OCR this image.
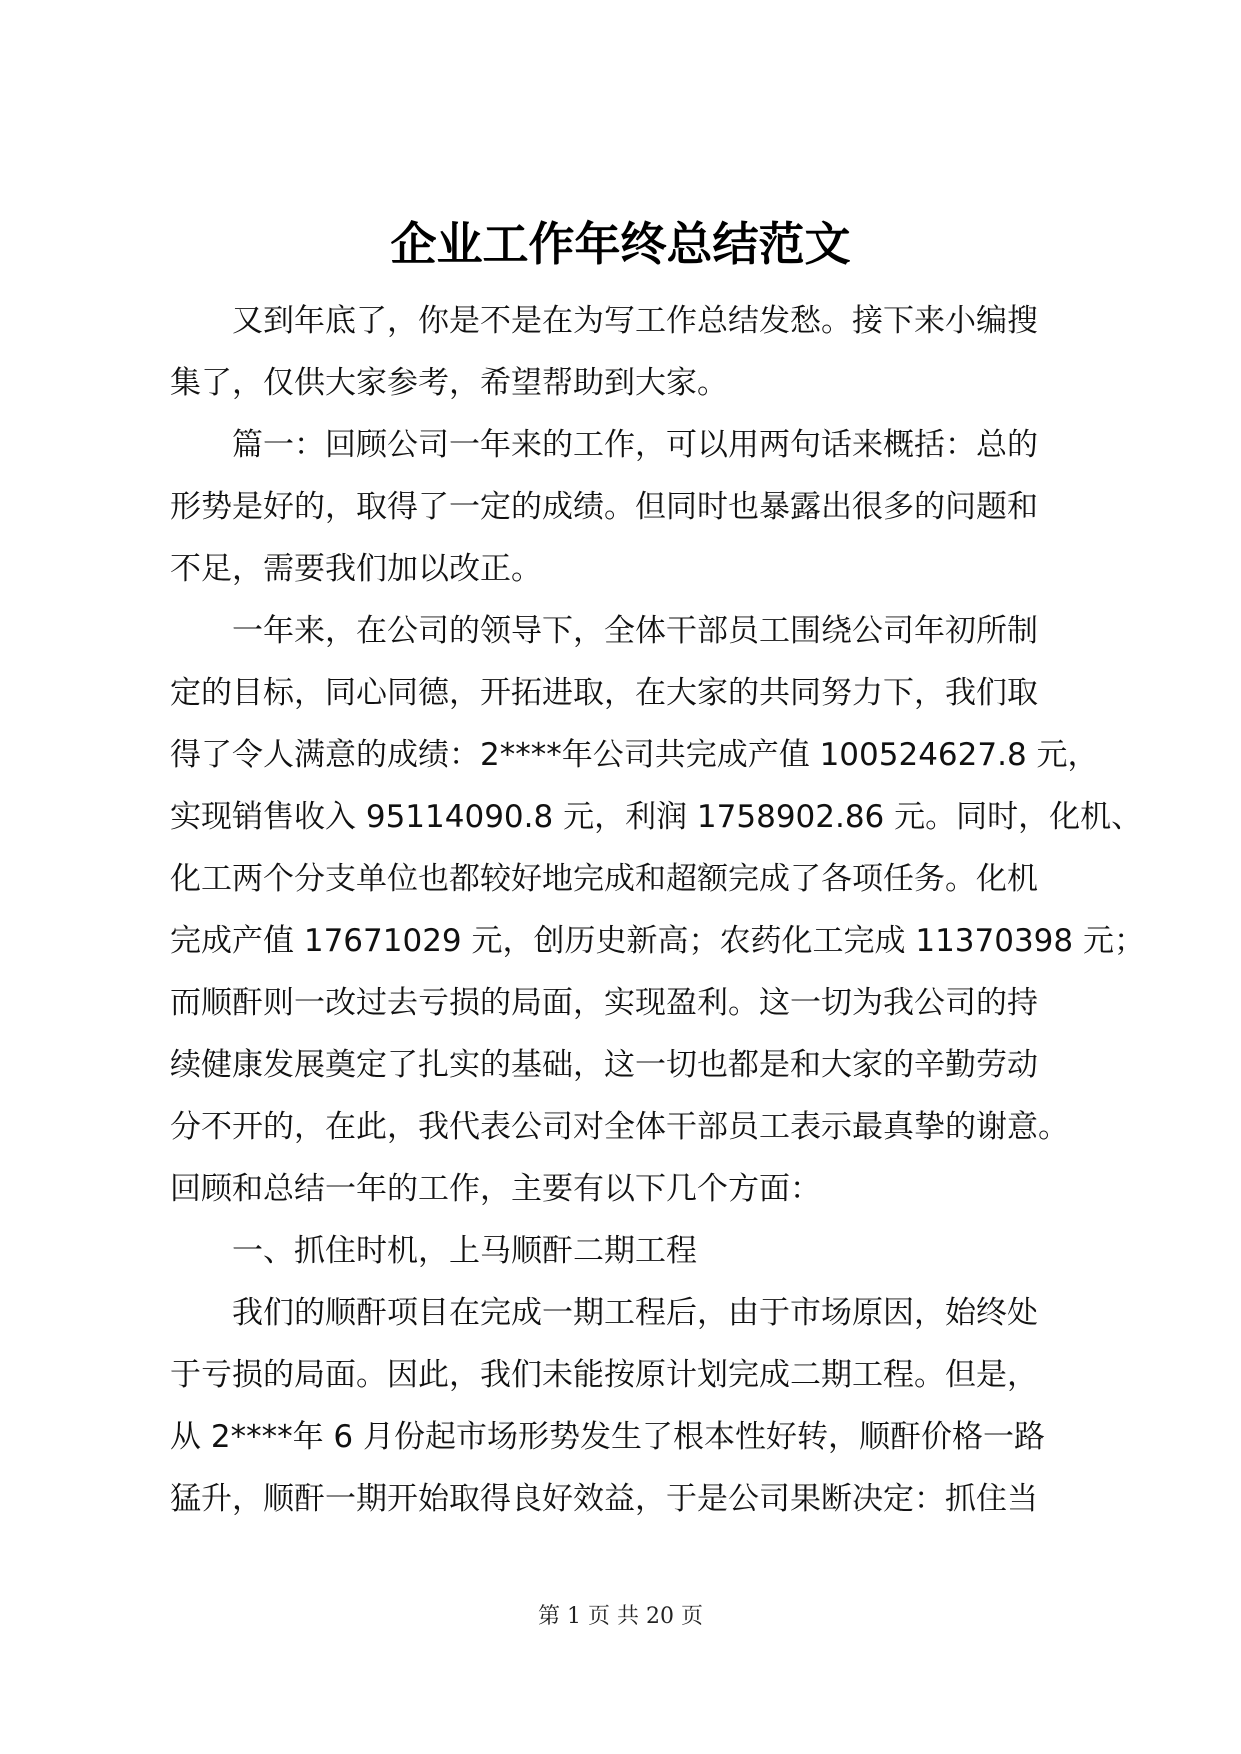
企业工作年终总结范文
又到年底了，你是不是在为写工作总结发愁。接下来小编搜
集了，仅供大家参考，希望帮助到大家。
篇一：回顾公司一年来的工作，可以用两句话来概括：总的
形势是好的，取得了一定的成绩。但同时也暴露出很多的问题和
不足，需要我们加以改正。
一年来，在公司的领导下，全体干部员工围绕公司年初所制
定的目标，同心同德，开拓进取，在大家的共同努力下，我们取
得了令人满意的成绩：2****年公司共完成产值 100524627.8 元，
实现销售收入 95114090.8 元，利润 1758902.86 元。同时，化机、
化工两个分支单位也都较好地完成和超额完成了各项任务。化机
完成产值 17671029 元，创历史新高；农药化工完成 11370398 元；
而顺酐则一改过去亏损的局面，实现盈利。这一切为我公司的持
续健康发展奠定了扎实的基础，这一切也都是和大家的辛勤劳动
分不开的，在此，我代表公司对全体干部员工表示最真挚的谢意。
回顾和总结一年的工作，主要有以下几个方面：
一、抓住时机，上马顺酐二期工程
我们的顺酐项目在完成一期工程后，由于市场原因，始终处
于亏损的局面。因此，我们未能按原计划完成二期工程。但是，
从 2****年 6 月份起市场形势发生了根本性好转，顺酐价格一路
猛升，顺酐一期开始取得良好效益，于是公司果断决定：抓住当
第 1 页 共 20 页
